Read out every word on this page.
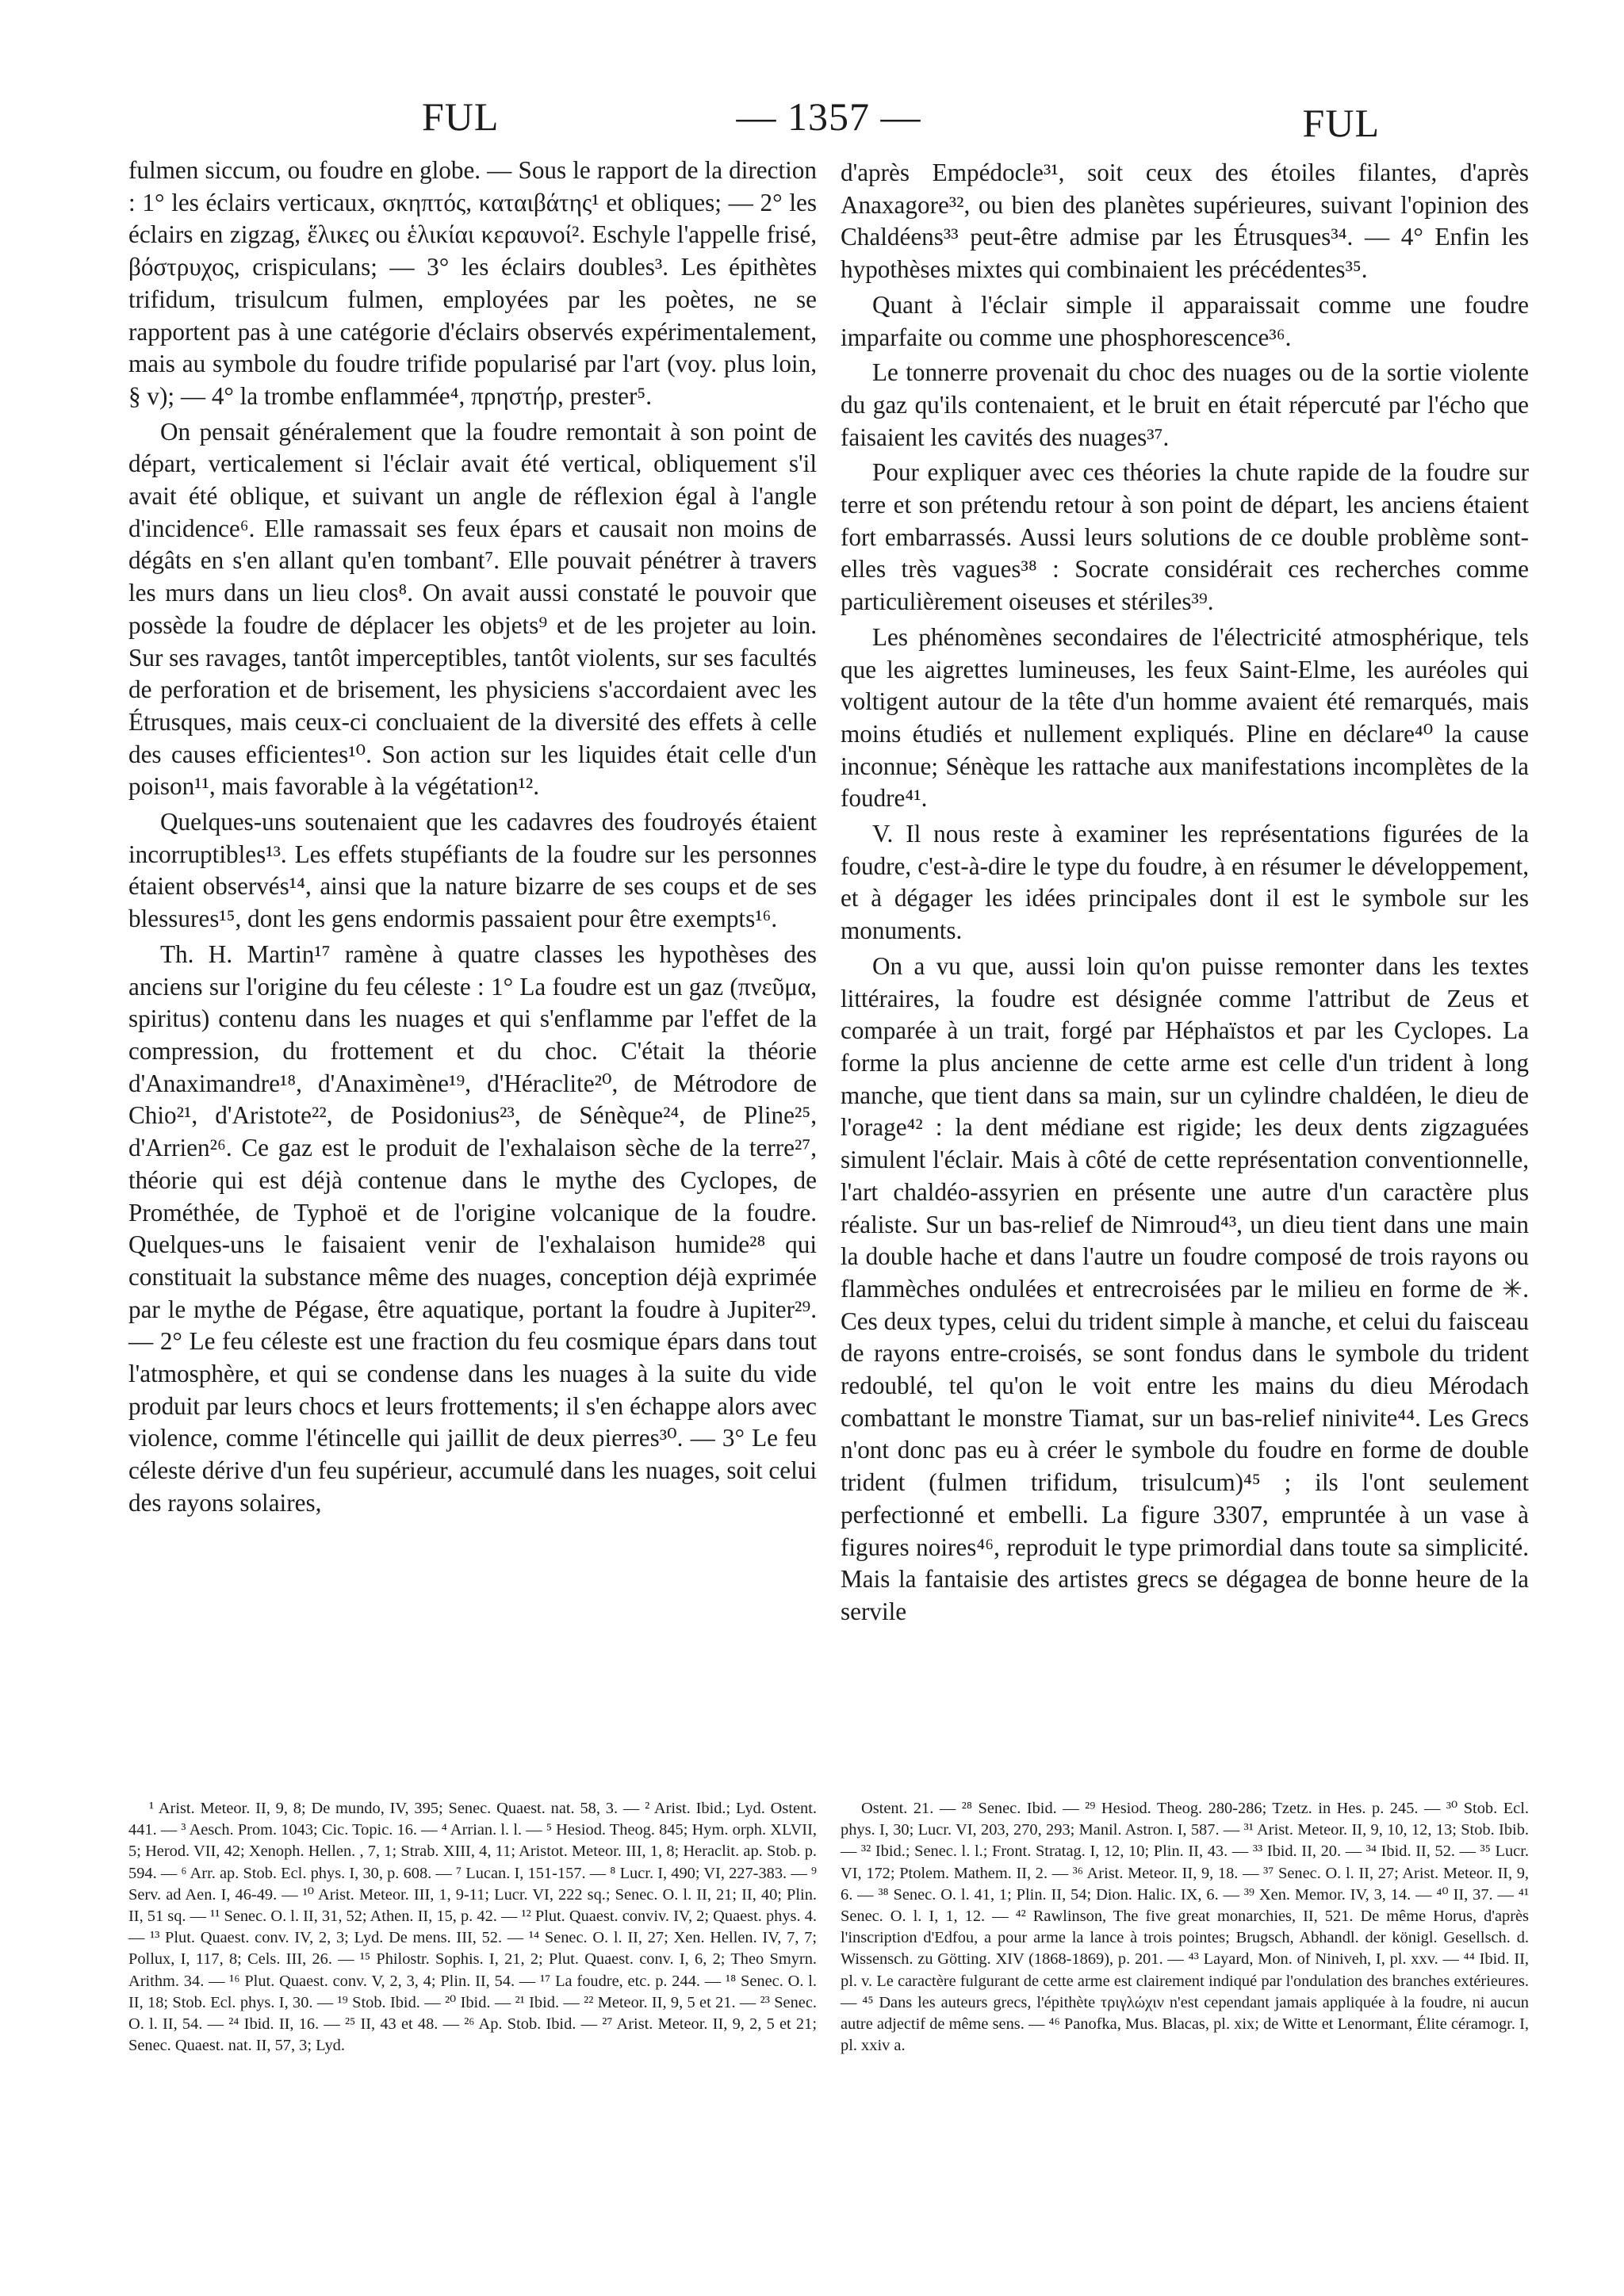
FUL	— 1357 —	FUL

fulmen siccum, ou foudre en globe. — Sous le rapport de la direction : 1° les éclairs verticaux, σκηπτός, καταιβάτης¹ et obliques; — 2° les éclairs en zigzag, ἕλικες ou ἑλικίαι κεραυνοί². Eschyle l'appelle frisé, βόστρυχος, crispiculans; — 3° les éclairs doubles³. Les épithètes trifidum, trisulcum fulmen, employées par les poètes, ne se rapportent pas à une catégorie d'éclairs observés expérimentalement, mais au symbole du foudre trifide popularisé par l'art (voy. plus loin, § v); — 4° la trombe enflammée⁴, πρηστήρ, prester⁵.

On pensait généralement que la foudre remontait à son point de départ, verticalement si l'éclair avait été vertical, obliquement s'il avait été oblique, et suivant un angle de réflexion égal à l'angle d'incidence⁶. Elle ramassait ses feux épars et causait non moins de dégâts en s'en allant qu'en tombant⁷. Elle pouvait pénétrer à travers les murs dans un lieu clos⁸. On avait aussi constaté le pouvoir que possède la foudre de déplacer les objets⁹ et de les projeter au loin. Sur ses ravages, tantôt imperceptibles, tantôt violents, sur ses facultés de perforation et de brisement, les physiciens s'accordaient avec les Étrusques, mais ceux-ci concluaient de la diversité des effets à celle des causes efficientes¹⁰. Son action sur les liquides était celle d'un poison¹¹, mais favorable à la végétation¹².

Quelques-uns soutenaient que les cadavres des foudroyés étaient incorruptibles¹³. Les effets stupéfiants de la foudre sur les personnes étaient observés¹⁴, ainsi que la nature bizarre de ses coups et de ses blessures¹⁵, dont les gens endormis passaient pour être exempts¹⁶.

Th. H. Martin¹⁷ ramène à quatre classes les hypothèses des anciens sur l'origine du feu céleste : 1° La foudre est un gaz (πνεῦμα, spiritus) contenu dans les nuages et qui s'enflamme par l'effet de la compression, du frottement et du choc. C'était la théorie d'Anaximandre¹⁸, d'Anaximène¹⁹, d'Héraclite²⁰, de Métrodore de Chio²¹, d'Aristote²², de Posidonius²³, de Sénèque²⁴, de Pline²⁵, d'Arrien²⁶. Ce gaz est le produit de l'exhalaison sèche de la terre²⁷, théorie qui est déjà contenue dans le mythe des Cyclopes, de Prométhée, de Typhoë et de l'origine volcanique de la foudre. Quelques-uns le faisaient venir de l'exhalaison humide²⁸ qui constituait la substance même des nuages, conception déjà exprimée par le mythe de Pégase, être aquatique, portant la foudre à Jupiter²⁹. — 2° Le feu céleste est une fraction du feu cosmique épars dans tout l'atmosphère, et qui se condense dans les nuages à la suite du vide produit par leurs chocs et leurs frottements; il s'en échappe alors avec violence, comme l'étincelle qui jaillit de deux pierres³⁰. — 3° Le feu céleste dérive d'un feu supérieur, accumulé dans les nuages, soit celui des rayons solaires,

d'après Empédocle³¹, soit ceux des étoiles filantes, d'après Anaxagore³², ou bien des planètes supérieures, suivant l'opinion des Chaldéens³³ peut-être admise par les Étrusques³⁴. — 4° Enfin les hypothèses mixtes qui combinaient les précédentes³⁵.

Quant à l'éclair simple il apparaissait comme une foudre imparfaite ou comme une phosphorescence³⁶.

Le tonnerre provenait du choc des nuages ou de la sortie violente du gaz qu'ils contenaient, et le bruit en était répercuté par l'écho que faisaient les cavités des nuages³⁷.

Pour expliquer avec ces théories la chute rapide de la foudre sur terre et son prétendu retour à son point de départ, les anciens étaient fort embarrassés. Aussi leurs solutions de ce double problème sont-elles très vagues³⁸ : Socrate considérait ces recherches comme particulièrement oiseuses et stériles³⁹.

Les phénomènes secondaires de l'électricité atmosphérique, tels que les aigrettes lumineuses, les feux Saint-Elme, les auréoles qui voltigent autour de la tête d'un homme avaient été remarqués, mais moins étudiés et nullement expliqués. Pline en déclare⁴⁰ la cause inconnue; Sénèque les rattache aux manifestations incomplètes de la foudre⁴¹.

V. Il nous reste à examiner les représentations figurées de la foudre, c'est-à-dire le type du foudre, à en résumer le développement, et à dégager les idées principales dont il est le symbole sur les monuments.

On a vu que, aussi loin qu'on puisse remonter dans les textes littéraires, la foudre est désignée comme l'attribut de Zeus et comparée à un trait, forgé par Héphaïstos et par les Cyclopes. La forme la plus ancienne de cette arme est celle d'un trident à long manche, que tient dans sa main, sur un cylindre chaldéen, le dieu de l'orage⁴² : la dent médiane est rigide; les deux dents zigzaguées simulent l'éclair. Mais à côté de cette représentation conventionnelle, l'art chaldéo-assyrien en présente une autre d'un caractère plus réaliste. Sur un bas-relief de Nimroud⁴³, un dieu tient dans une main la double hache et dans l'autre un foudre composé de trois rayons ou flammèches ondulées et entrecroisées par le milieu en forme de ✳. Ces deux types, celui du trident simple à manche, et celui du faisceau de rayons entre-croisés, se sont fondus dans le symbole du trident redoublé, tel qu'on le voit entre les mains du dieu Mérodach combattant le monstre Tiamat, sur un bas-relief ninivite⁴⁴. Les Grecs n'ont donc pas eu à créer le symbole du foudre en forme de double trident (fulmen trifidum, trisulcum)⁴⁵ ; ils l'ont seulement perfectionné et embelli. La figure 3307, empruntée à un vase à figures noires⁴⁶, reproduit le type primordial dans toute sa simplicité. Mais la fantaisie des artistes grecs se dégagea de bonne heure de la servile

¹ Arist. Meteor. II, 9, 8; De mundo, IV, 395; Senec. Quaest. nat. 58, 3. — ² Arist. Ibid.; Lyd. Ostent. 441. — ³ Aesch. Prom. 1043; Cic. Topic. 16. — ⁴ Arrian. l. l. — ⁵ Hesiod. Theog. 845; Hym. orph. XLVII, 5; Herod. VII, 42; Xenoph. Hellen. , 7, 1; Strab. XIII, 4, 11; Aristot. Meteor. III, 1, 8; Heraclit. ap. Stob. p. 594. — ⁶ Arr. ap. Stob. Ecl. phys. I, 30, p. 608. — ⁷ Lucan. I, 151-157. — ⁸ Lucr. I, 490; VI, 227-383. — ⁹ Serv. ad Aen. I, 46-49. — ¹⁰ Arist. Meteor. III, 1, 9-11; Lucr. VI, 222 sq.; Senec. O. l. II, 21; II, 40; Plin. II, 51 sq. — ¹¹ Senec. O. l. II, 31, 52; Athen. II, 15, p. 42. — ¹² Plut. Quaest. conviv. IV, 2; Quaest. phys. 4. — ¹³ Plut. Quaest. conv. IV, 2, 3; Lyd. De mens. III, 52. — ¹⁴ Senec. O. l. II, 27; Xen. Hellen. IV, 7, 7; Pollux, I, 117, 8; Cels. III, 26. — ¹⁵ Philostr. Sophis. I, 21, 2; Plut. Quaest. conv. I, 6, 2; Theo Smyrn. Arithm. 34. — ¹⁶ Plut. Quaest. conv. V, 2, 3, 4; Plin. II, 54. — ¹⁷ La foudre, etc. p. 244. — ¹⁸ Senec. O. l. II, 18; Stob. Ecl. phys. I, 30. — ¹⁹ Stob. Ibid. — ²⁰ Ibid. — ²¹ Ibid. — ²² Meteor. II, 9, 5 et 21. — ²³ Senec. O. l. II, 54. — ²⁴ Ibid. II, 16. — ²⁵ II, 43 et 48. — ²⁶ Ap. Stob. Ibid. — ²⁷ Arist. Meteor. II, 9, 2, 5 et 21; Senec. Quaest. nat. II, 57, 3; Lyd.

Ostent. 21. — ²⁸ Senec. Ibid. — ²⁹ Hesiod. Theog. 280-286; Tzetz. in Hes. p. 245. — ³⁰ Stob. Ecl. phys. I, 30; Lucr. VI, 203, 270, 293; Manil. Astron. I, 587. — ³¹ Arist. Meteor. II, 9, 10, 12, 13; Stob. Ibib. — ³² Ibid.; Senec. l. l.; Front. Stratag. I, 12, 10; Plin. II, 43. — ³³ Ibid. II, 20. — ³⁴ Ibid. II, 52. — ³⁵ Lucr. VI, 172; Ptolem. Mathem. II, 2. — ³⁶ Arist. Meteor. II, 9, 18. — ³⁷ Senec. O. l. II, 27; Arist. Meteor. II, 9, 6. — ³⁸ Senec. O. l. 41, 1; Plin. II, 54; Dion. Halic. IX, 6. — ³⁹ Xen. Memor. IV, 3, 14. — ⁴⁰ II, 37. — ⁴¹ Senec. O. l. I, 1, 12. — ⁴² Rawlinson, The five great monarchies, II, 521. De même Horus, d'après l'inscription d'Edfou, a pour arme la lance à trois pointes; Brugsch, Abhandl. der königl. Gesellsch. d. Wissensch. zu Götting. XIV (1868-1869), p. 201. — ⁴³ Layard, Mon. of Niniveh, I, pl. xxv. — ⁴⁴ Ibid. II, pl. v. Le caractère fulgurant de cette arme est clairement indiqué par l'ondulation des branches extérieures. — ⁴⁵ Dans les auteurs grecs, l'épithète τριγλώχιν n'est cependant jamais appliquée à la foudre, ni aucun autre adjectif de même sens. — ⁴⁶ Panofka, Mus. Blacas, pl. xix; de Witte et Lenormant, Élite céramogr. I, pl. xxiv a.
